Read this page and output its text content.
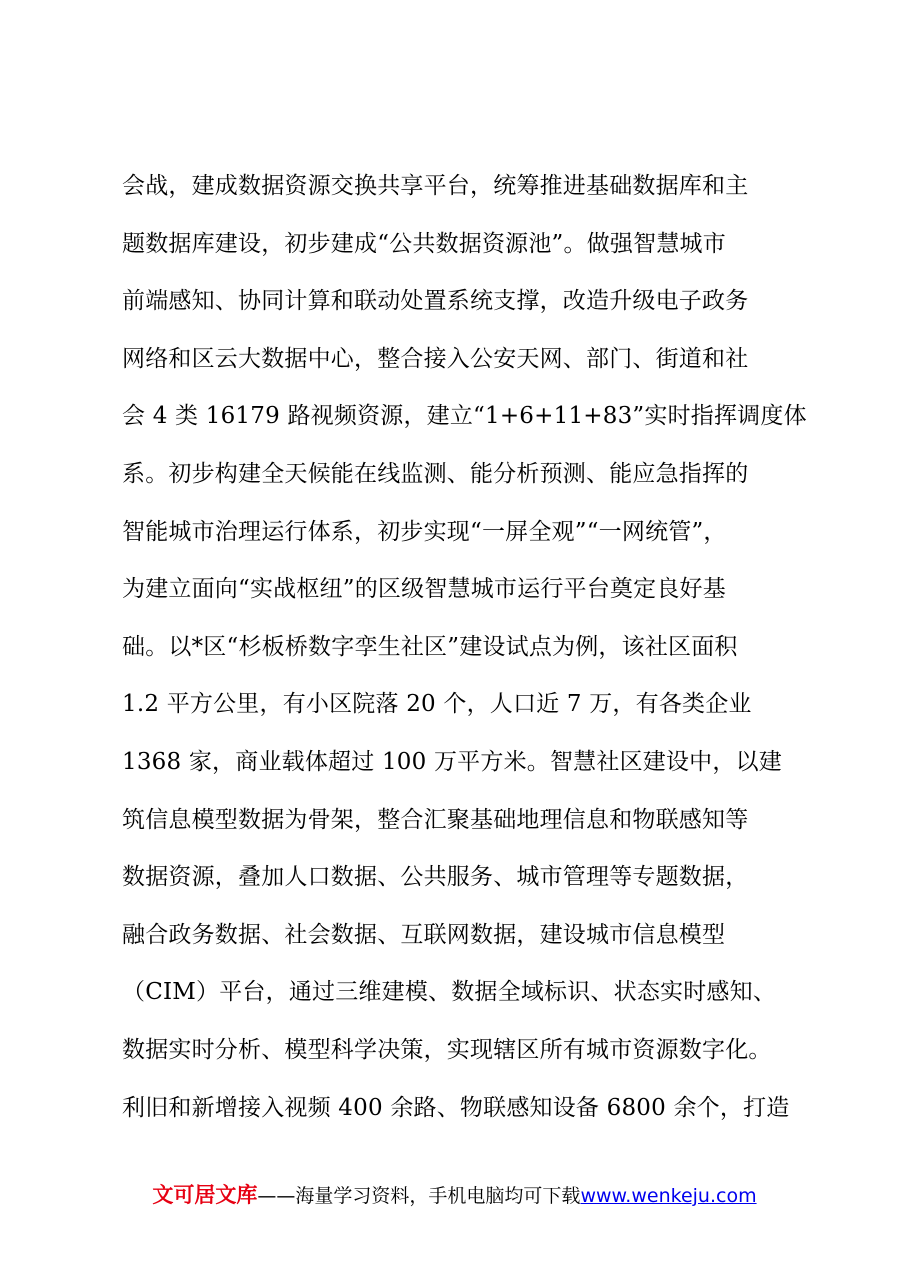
会战，建成数据资源交换共享平台，统筹推进基础数据库和主
题数据库建设，初步建成“公共数据资源池”。做强智慧城市
前端感知、协同计算和联动处置系统支撑，改造升级电子政务
网络和区云大数据中心，整合接入公安天网、部门、街道和社
会 4 类 16179 路视频资源，建立“1+6+11+83”实时指挥调度体
系。初步构建全天候能在线监测、能分析预测、能应急指挥的
智能城市治理运行体系，初步实现“一屏全观”“一网统管”，
为建立面向“实战枢纽”的区级智慧城市运行平台奠定良好基
础。以*区“杉板桥数字孪生社区”建设试点为例，该社区面积
1.2 平方公里，有小区院落 20 个，人口近 7 万，有各类企业
1368 家，商业载体超过 100 万平方米。智慧社区建设中，以建
筑信息模型数据为骨架，整合汇聚基础地理信息和物联感知等
数据资源，叠加人口数据、公共服务、城市管理等专题数据，
融合政务数据、社会数据、互联网数据，建设城市信息模型
（CIM）平台，通过三维建模、数据全域标识、状态实时感知、
数据实时分析、模型科学决策，实现辖区所有城市资源数字化。
利旧和新增接入视频 400 余路、物联感知设备 6800 余个，打造
文可居文库——海量学习资料，手机电脑均可下载www.wenkeju.com
